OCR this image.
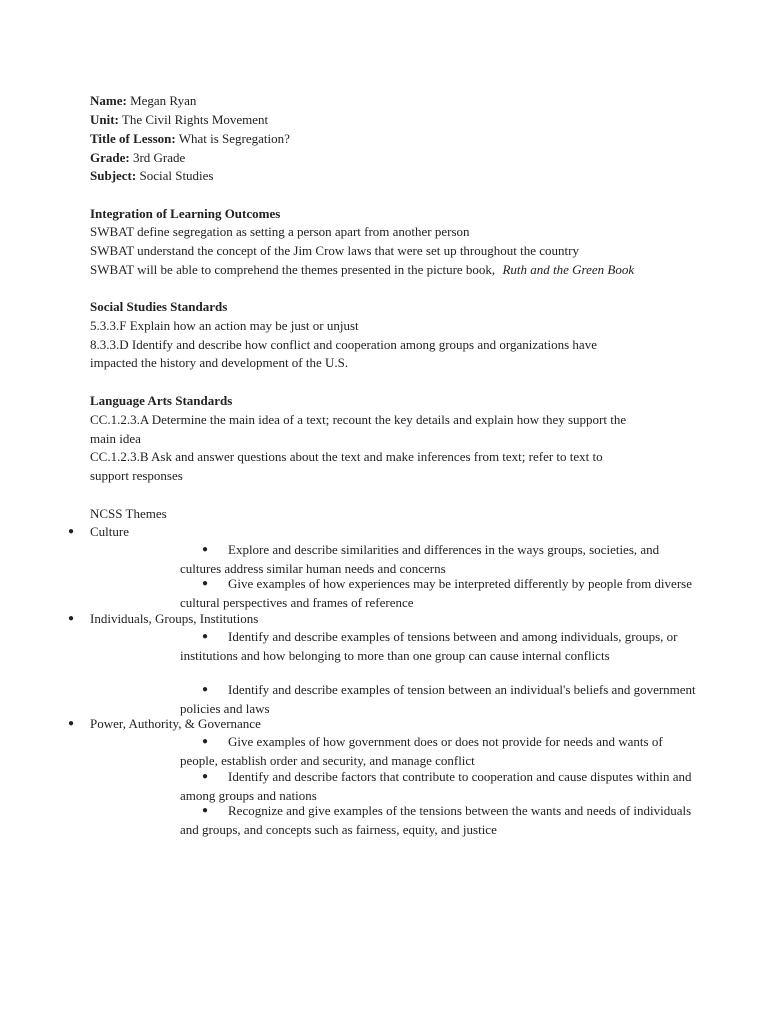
Name: Megan Ryan
Unit: The Civil Rights Movement
Title of Lesson: What is Segregation?
Grade: 3rd Grade
Subject: Social Studies
Integration of Learning Outcomes
SWBAT define segregation as setting a person apart from another person
SWBAT understand the concept of the Jim Crow laws that were set up throughout the country
SWBAT will be able to comprehend the themes presented in the picture book, Ruth and the Green Book
Social Studies Standards
5.3.3.F Explain how an action may be just or unjust
8.3.3.D Identify and describe how conflict and cooperation among groups and organizations have
impacted the history and development of the U.S.
Language Arts Standards
CC.1.2.3.A Determine the main idea of a text; recount the key details and explain how they support the
main idea
CC.1.2.3.B Ask and answer questions about the text and make inferences from text; refer to text to
support responses
NCSS Themes
● Culture
● Explore and describe similarities and differences in the ways groups, societies, and cultures address similar human needs and concerns
● Give examples of how experiences may be interpreted differently by people from diverse cultural perspectives and frames of reference
● Individuals, Groups, Institutions
● Identify and describe examples of tensions between and among individuals, groups, or institutions and how belonging to more than one group can cause internal conflicts
● Identify and describe examples of tension between an individual's beliefs and government policies and laws
● Power, Authority, & Governance
● Give examples of how government does or does not provide for needs and wants of people, establish order and security, and manage conflict
● Identify and describe factors that contribute to cooperation and cause disputes within and among groups and nations
● Recognize and give examples of the tensions between the wants and needs of individuals and groups, and concepts such as fairness, equity, and justice
